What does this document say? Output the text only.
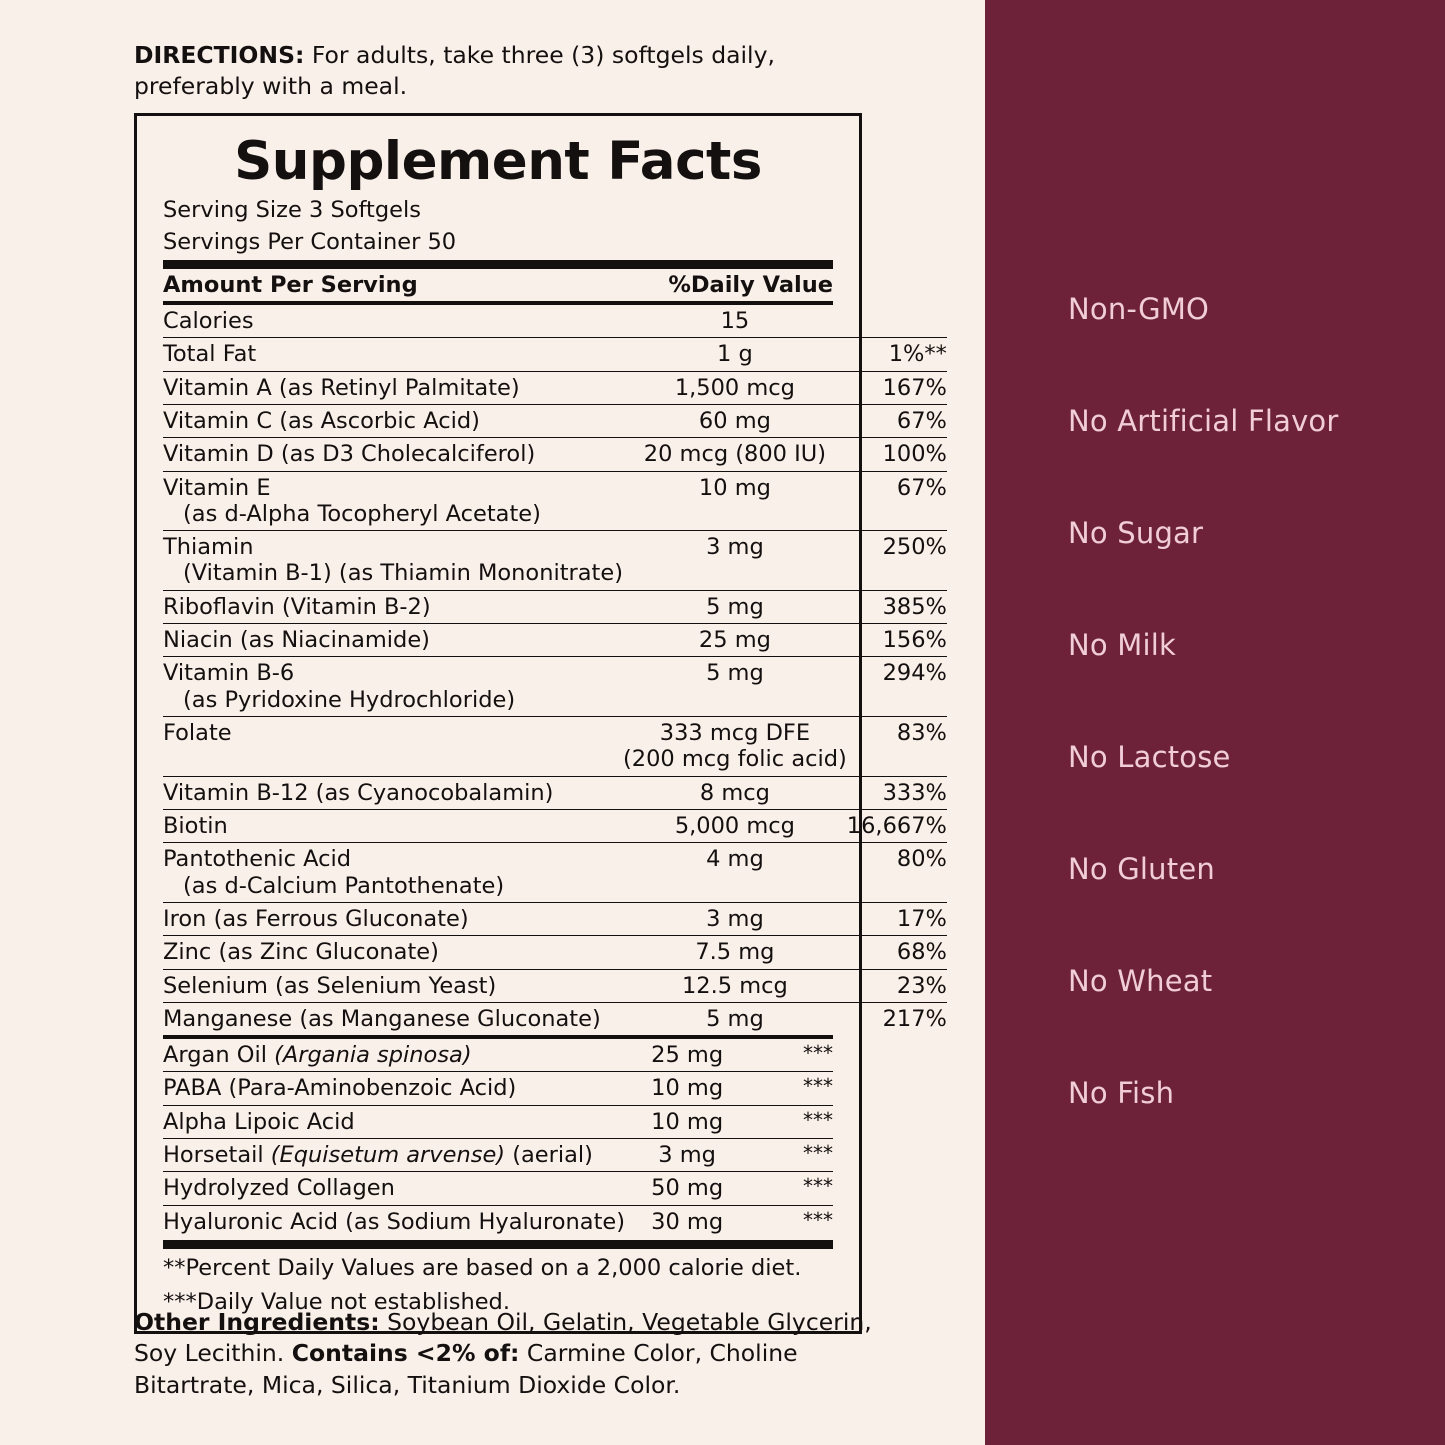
DIRECTIONS: For adults, take three (3) softgels daily, preferably with a meal.
Supplement Facts
Serving Size 3 Softgels
Servings Per Container 50
Amount Per Serving		%Daily Value
Calories	15	
Total Fat	1 g	1%**
Vitamin A (as Retinyl Palmitate)	1,500 mcg	167%
Vitamin C (as Ascorbic Acid)	60 mg	67%
Vitamin D (as D3 Cholecalciferol)	20 mcg (800 IU)	100%
Vitamin E
(as d-Alpha Tocopheryl Acetate)	10 mg	67%
Thiamin
(Vitamin B-1) (as Thiamin Mononitrate)	3 mg	250%
Riboflavin (Vitamin B-2)	5 mg	385%
Niacin (as Niacinamide)	25 mg	156%
Vitamin B-6
(as Pyridoxine Hydrochloride)	5 mg	294%
Folate	333 mcg DFE
(200 mcg folic acid)	83%
Vitamin B-12 (as Cyanocobalamin)	8 mcg	333%
Biotin	5,000 mcg	16,667%
Pantothenic Acid
(as d-Calcium Pantothenate)	4 mg	80%
Iron (as Ferrous Gluconate)	3 mg	17%
Zinc (as Zinc Gluconate)	7.5 mg	68%
Selenium (as Selenium Yeast)	12.5 mcg	23%
Manganese (as Manganese Gluconate)	5 mg	217%
Argan Oil (Argania spinosa)	25 mg	***
PABA (Para-Aminobenzoic Acid)	10 mg	***
Alpha Lipoic Acid	10 mg	***
Horsetail (Equisetum arvense) (aerial)	3 mg	***
Hydrolyzed Collagen	50 mg	***
Hyaluronic Acid (as Sodium Hyaluronate)	30 mg	***
**Percent Daily Values are based on a 2,000 calorie diet.
***Daily Value not established.
Other Ingredients: Soybean Oil, Gelatin, Vegetable Glycerin, Soy Lecithin. Contains <2% of: Carmine Color, Choline Bitartrate, Mica, Silica, Titanium Dioxide Color.
Non-GMO
No Artificial Flavor
No Sugar
No Milk
No Lactose
No Gluten
No Wheat
No Fish
